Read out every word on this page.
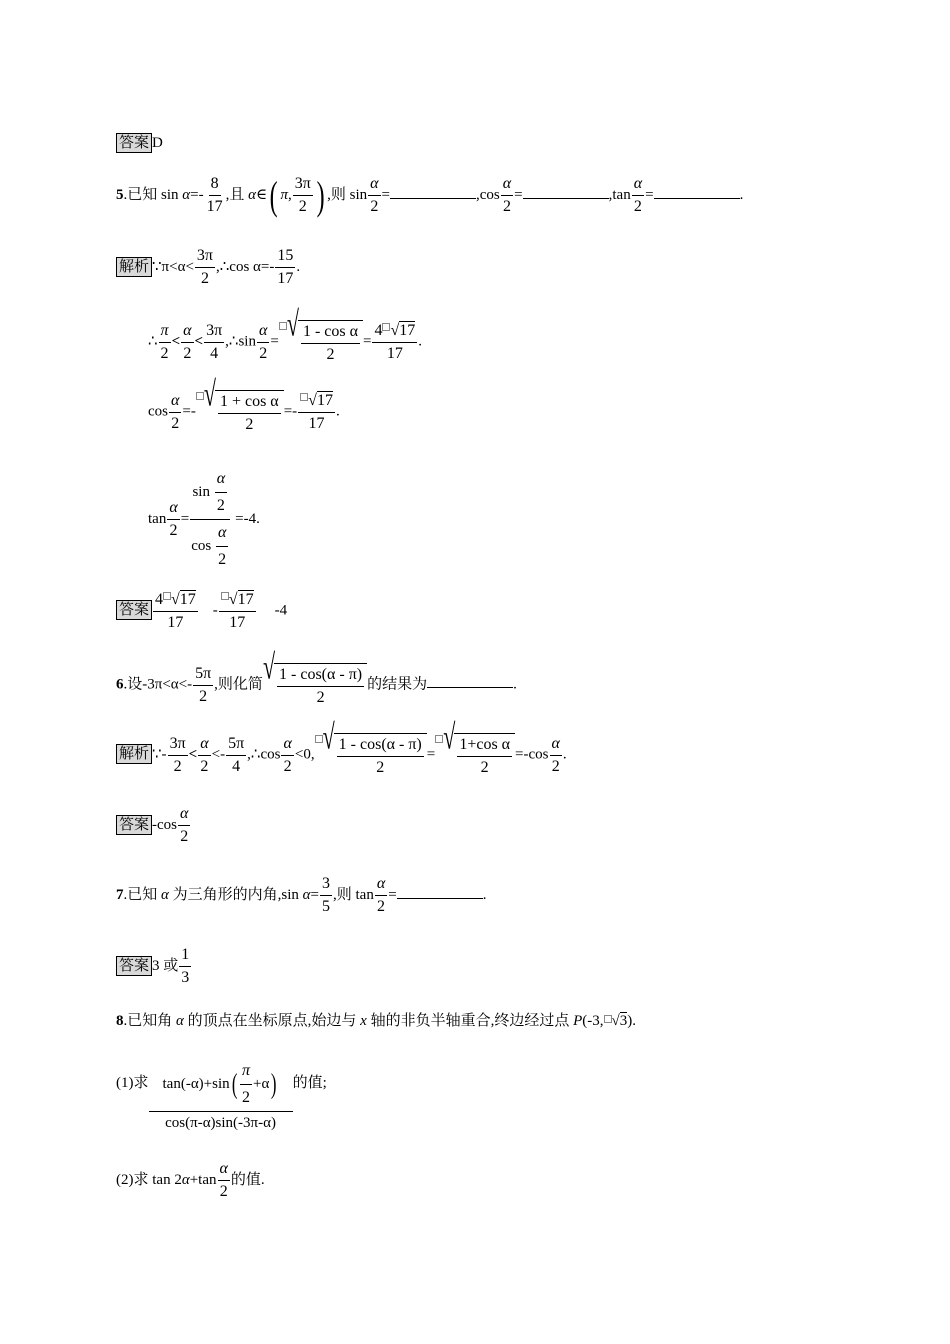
答案 D
5.已知 $\sin \alpha=- \frac{8}{17}$ ,且 α∈( π, $\frac{3\pi}{2}$ ) ,则 $\sin \frac{\alpha}{2}$ =	$,\cos \frac{\alpha}{2}$ =	$,\tan \frac{\alpha}{2}$ =	.
解析 ∵π<α< $\frac{3\pi}{2}$ ,∴cos $\alpha=- \frac{15}{17}$ .
∴ $\frac{\pi}{2} < \frac{\alpha}{2} < \frac{3\pi}{4}$ ,∴sin $\frac{\alpha}{2}$ = √ $\frac{\text{1 - cos α}}{2} = \frac{4 √17}{17}$ .
$\cos \frac{\alpha}{2}$ =- √ $\frac{\text{1 + cos α}}{2} =- \frac{√17}{17}$ .
$\tan \frac{\alpha}{2} = \frac{\sin \frac{\alpha}{2}}{\cos \frac{\alpha}{2}} =-4$.
答案 $\frac{4 √17}{17} - \frac{√17}{17} -4$
6.设$-3\pi<\alpha<- \frac{5\pi}{2}$ ,则化简 √ $\frac{1 - \cos(\alpha - \pi)}{2}$ 的结果为	.
解析 ∵- $\frac{3\pi}{2} < \frac{\alpha}{2} <- \frac{5\pi}{4}$ ,∴cos $\frac{\alpha}{2} <0$, √ $\frac{1 - \cos(\alpha - \pi)}{2}$ = √ $\frac{\text{1+cos α}}{2} =-\cos \frac{\alpha}{2}$ .
答案 $-\cos \frac{\alpha}{2}$
7.已知 α 为三角形的内角,sin $\alpha= \frac{3}{5}$ ,则 $\tan \frac{\alpha}{2}$ =	.
答案 3 或 $\frac{1}{3}$
8.已知角 α 的顶点在坐标原点,始边与 x 轴的非负半轴重合,终边经过点 P(-3, √3).
(1)求 $\frac{\tan(-\alpha)+\sin( \frac{\pi}{2} +\alpha)}{\cos(\pi-\alpha)\sin(-3\pi-\alpha)}$ 的值;
(2)求 $\tan 2\alpha+\tan \frac{\alpha}{2}$ 的值.
